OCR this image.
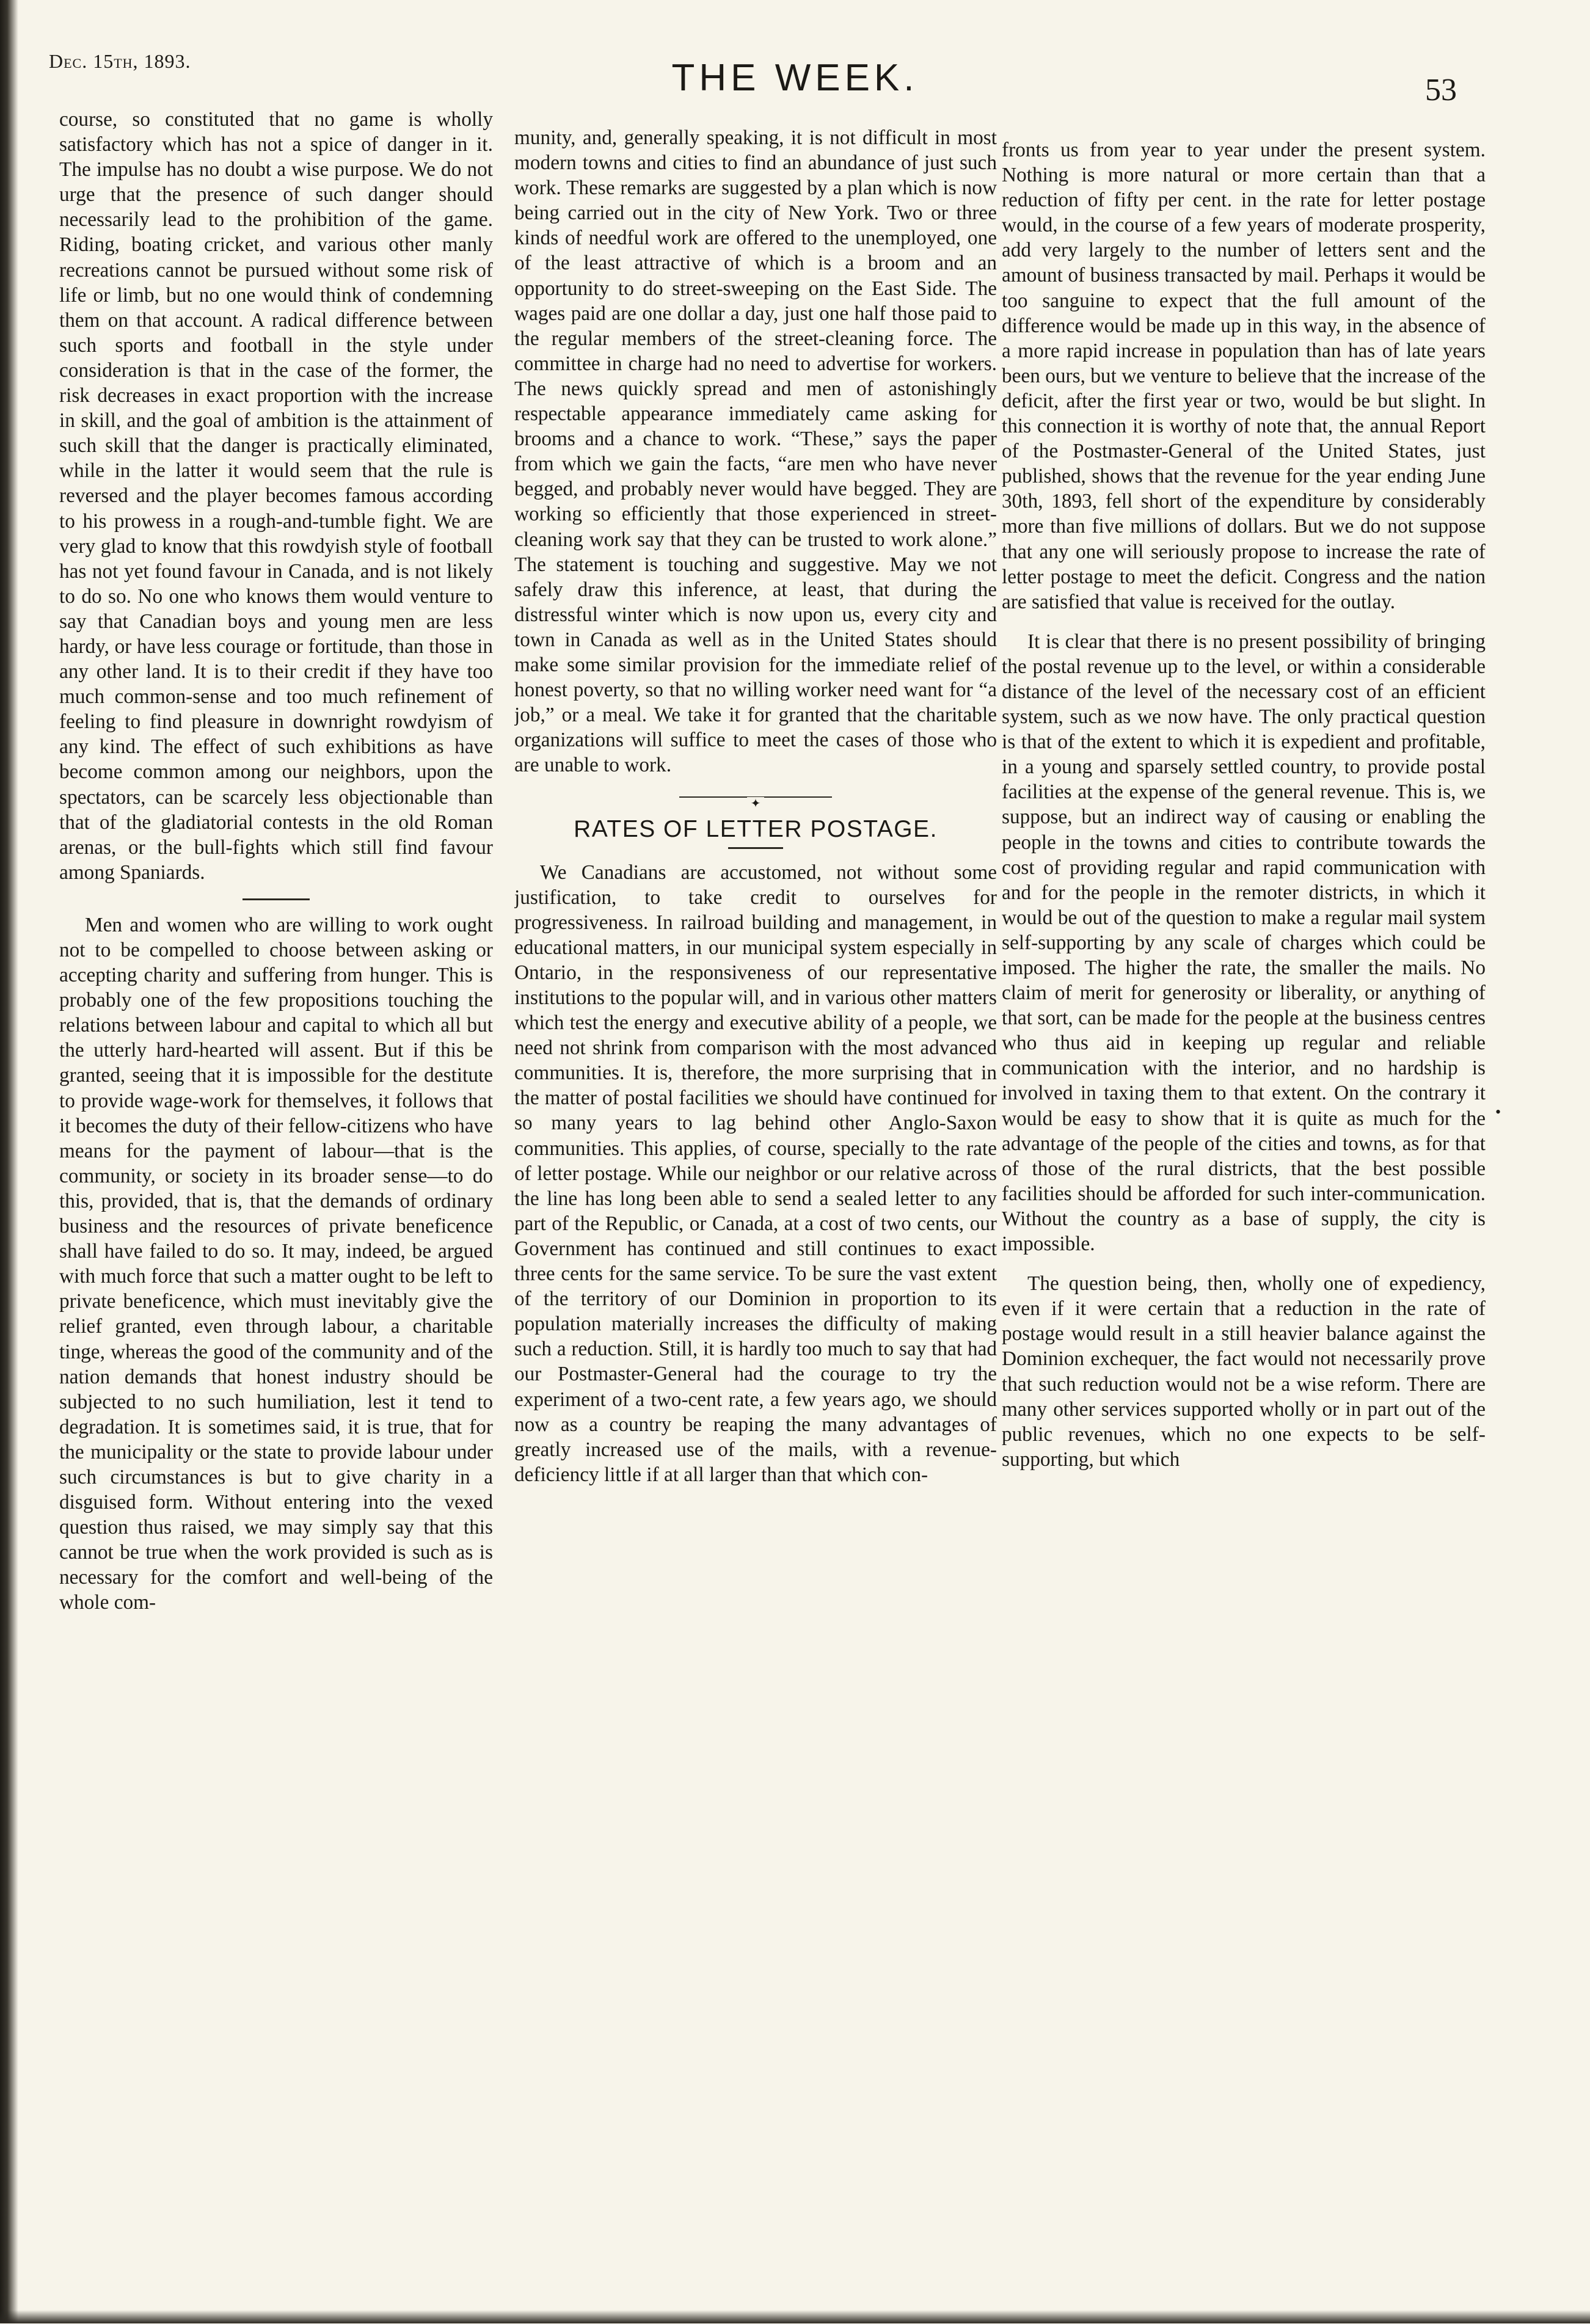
Dec. 15th, 1893.	THE WEEK.	53

course, so constituted that no game is wholly satisfactory which has not a spice of danger in it. The impulse has no doubt a wise purpose. We do not urge that the presence of such danger should necessarily lead to the prohibition of the game. Riding, boating cricket, and various other manly recreations cannot be pursued without some risk of life or limb, but no one would think of condemning them on that account. A radical difference between such sports and football in the style under consideration is that in the case of the former, the risk decreases in exact proportion with the increase in skill, and the goal of ambition is the attainment of such skill that the danger is practically eliminated, while in the latter it would seem that the rule is reversed and the player becomes famous according to his prowess in a rough-and-tumble fight. We are very glad to know that this rowdyish style of football has not yet found favour in Canada, and is not likely to do so. No one who knows them would venture to say that Canadian boys and young men are less hardy, or have less courage or fortitude, than those in any other land. It is to their credit if they have too much common-sense and too much refinement of feeling to find pleasure in downright rowdyism of any kind. The effect of such exhibitions as have become common among our neighbors, upon the spectators, can be scarcely less objectionable than that of the gladiatorial contests in the old Roman arenas, or the bull-fights which still find favour among Spaniards.

Men and women who are willing to work ought not to be compelled to choose between asking or accepting charity and suffering from hunger. This is probably one of the few propositions touching the relations between labour and capital to which all but the utterly hard-hearted will assent. But if this be granted, seeing that it is impossible for the destitute to provide wage-work for themselves, it follows that it becomes the duty of their fellow-citizens who have means for the payment of labour—that is the community, or society in its broader sense—to do this, provided, that is, that the demands of ordinary business and the resources of private beneficence shall have failed to do so. It may, indeed, be argued with much force that such a matter ought to be left to private beneficence, which must inevitably give the relief granted, even through labour, a charitable tinge, whereas the good of the community and of the nation demands that honest industry should be subjected to no such humiliation, lest it tend to degradation. It is sometimes said, it is true, that for the municipality or the state to provide labour under such circumstances is but to give charity in a disguised form. Without entering into the vexed question thus raised, we may simply say that this cannot be true when the work provided is such as is necessary for the comfort and well-being of the whole com-

munity, and, generally speaking, it is not difficult in most modern towns and cities to find an abundance of just such work. These remarks are suggested by a plan which is now being carried out in the city of New York. Two or three kinds of needful work are offered to the unemployed, one of the least attractive of which is a broom and an opportunity to do street-sweeping on the East Side. The wages paid are one dollar a day, just one half those paid to the regular members of the street-cleaning force. The committee in charge had no need to advertise for workers. The news quickly spread and men of astonishingly respectable appearance immediately came asking for brooms and a chance to work. “These,” says the paper from which we gain the facts, “are men who have never begged, and probably never would have begged. They are working so efficiently that those experienced in street-cleaning work say that they can be trusted to work alone.” The statement is touching and suggestive. May we not safely draw this inference, at least, that during the distressful winter which is now upon us, every city and town in Canada as well as in the United States should make some similar provision for the immediate relief of honest poverty, so that no willing worker need want for “a job,” or a meal. We take it for granted that the charitable organizations will suffice to meet the cases of those who are unable to work.

✦
RATES OF LETTER POSTAGE.

We Canadians are accustomed, not without some justification, to take credit to ourselves for progressiveness. In railroad building and management, in educational matters, in our municipal system especially in Ontario, in the responsiveness of our representative institutions to the popular will, and in various other matters which test the energy and executive ability of a people, we need not shrink from comparison with the most advanced communities. It is, therefore, the more surprising that in the matter of postal facilities we should have continued for so many years to lag behind other Anglo-Saxon communities. This applies, of course, specially to the rate of letter postage. While our neighbor or our relative across the line has long been able to send a sealed letter to any part of the Republic, or Canada, at a cost of two cents, our Government has continued and still continues to exact three cents for the same service. To be sure the vast extent of the territory of our Dominion in proportion to its population materially increases the difficulty of making such a reduction. Still, it is hardly too much to say that had our Postmaster-General had the courage to try the experiment of a two-cent rate, a few years ago, we should now as a country be reaping the many advantages of greatly increased use of the mails, with a revenue-deficiency little if at all larger than that which con-

fronts us from year to year under the present system. Nothing is more natural or more certain than that a reduction of fifty per cent. in the rate for letter postage would, in the course of a few years of moderate prosperity, add very largely to the number of letters sent and the amount of business transacted by mail. Perhaps it would be too sanguine to expect that the full amount of the difference would be made up in this way, in the absence of a more rapid increase in population than has of late years been ours, but we venture to believe that the increase of the deficit, after the first year or two, would be but slight. In this connection it is worthy of note that, the annual Report of the Postmaster-General of the United States, just published, shows that the revenue for the year ending June 30th, 1893, fell short of the expenditure by considerably more than five millions of dollars. But we do not suppose that any one will seriously propose to increase the rate of letter postage to meet the deficit. Congress and the nation are satisfied that value is received for the outlay.

It is clear that there is no present possibility of bringing the postal revenue up to the level, or within a considerable distance of the level of the necessary cost of an efficient system, such as we now have. The only practical question is that of the extent to which it is expedient and profitable, in a young and sparsely settled country, to provide postal facilities at the expense of the general revenue. This is, we suppose, but an indirect way of causing or enabling the people in the towns and cities to contribute towards the cost of providing regular and rapid communication with and for the people in the remoter districts, in which it would be out of the question to make a regular mail system self-supporting by any scale of charges which could be imposed. The higher the rate, the smaller the mails. No claim of merit for generosity or liberality, or anything of that sort, can be made for the people at the business centres who thus aid in keeping up regular and reliable communication with the interior, and no hardship is involved in taxing them to that extent. On the contrary it would be easy to show that it is quite as much for the advantage of the people of the cities and towns, as for that of those of the rural districts, that the best possible facilities should be afforded for such inter-communication. Without the country as a base of supply, the city is impossible.

The question being, then, wholly one of expediency, even if it were certain that a reduction in the rate of postage would result in a still heavier balance against the Dominion exchequer, the fact would not necessarily prove that such reduction would not be a wise reform. There are many other services supported wholly or in part out of the public revenues, which no one expects to be self-supporting, but which

•
